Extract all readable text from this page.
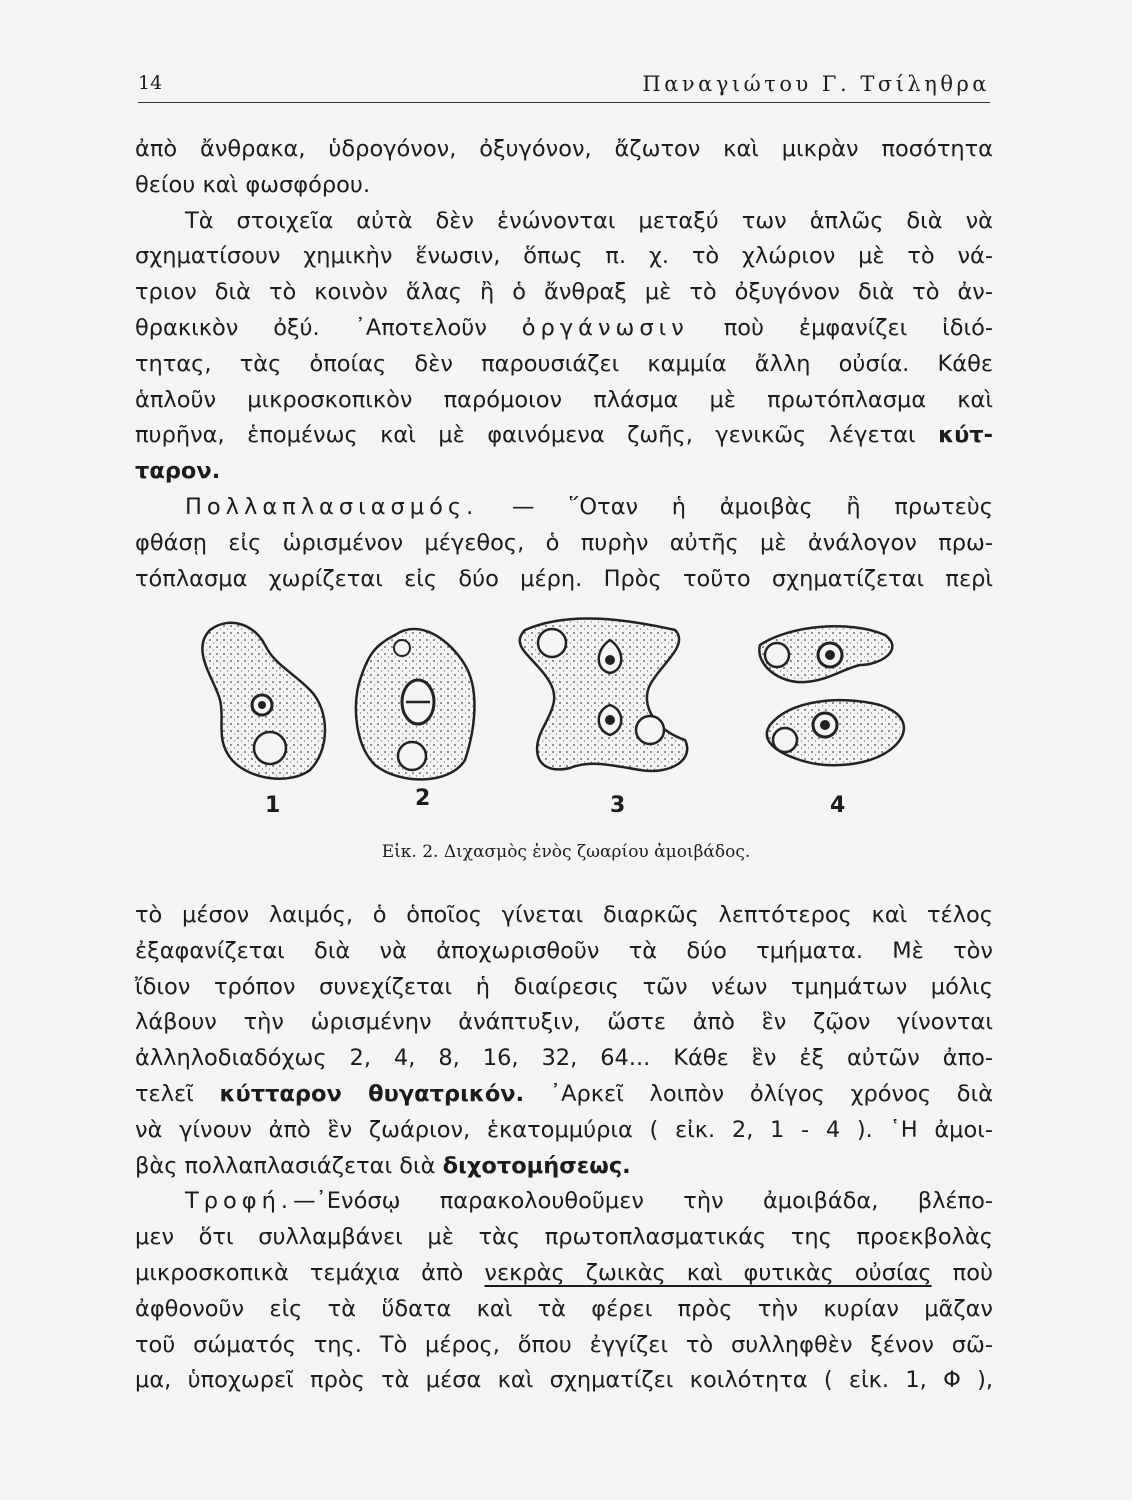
14	Παναγιώτου Γ. Τσίληθρα
ἀπὸ ἄνθρακα, ὑδρογόνον, ὀξυγόνον, ἄζωτον καὶ μικρὰν ποσότητα
θείου καὶ φωσφόρου.
Τὰ στοιχεῖα αὐτὰ δὲν ἑνώνονται μεταξύ των ἁπλῶς διὰ νὰ
σχηματίσουν χημικὴν ἕνωσιν, ὅπως π. χ. τὸ χλώριον μὲ τὸ νά-
τριον διὰ τὸ κοινὸν ἅλας ἢ ὁ ἄνθραξ μὲ τὸ ὀξυγόνον διὰ τὸ ἀν-
θρακικὸν ὀξύ. ᾽Αποτελοῦν ὀργάνωσιν ποὺ ἐμφανίζει ἰδιό-
τητας, τὰς ὁποίας δὲν παρουσιάζει καμμία ἄλλη οὐσία. Κάθε
ἁπλοῦν μικροσκοπικὸν παρόμοιον πλάσμα μὲ πρωτόπλασμα καὶ
πυρῆνα, ἑπομένως καὶ μὲ φαινόμενα ζωῆς, γενικῶς λέγεται κύτ-
ταρον.
Πολλαπλασιασμός. — ῞Οταν ἡ ἀμοιβὰς ἢ πρωτεὺς
φθάσῃ εἰς ὡρισμένον μέγεθος, ὁ πυρὴν αὐτῆς μὲ ἀνάλογον πρω-
τόπλασμα χωρίζεται εἰς δύο μέρη. Πρὸς τοῦτο σχηματίζεται περὶ
1	2	3	4
Εἰκ. 2. Διχασμὸς ἑνὸς ζωαρίου ἀμοιβάδος.
τὸ μέσον λαιμός, ὁ ὁποῖος γίνεται διαρκῶς λεπτότερος καὶ τέλος
ἐξαφανίζεται διὰ νὰ ἀποχωρισθοῦν τὰ δύο τμήματα. Μὲ τὸν
ἴδιον τρόπον συνεχίζεται ἡ διαίρεσις τῶν νέων τμημάτων μόλις
λάβουν τὴν ὡρισμένην ἀνάπτυξιν, ὥστε ἀπὸ ἓν ζῷον γίνονται
ἀλληλοδιαδόχως 2, 4, 8, 16, 32, 64... Κάθε ἓν ἐξ αὐτῶν ἀπο-
τελεῖ κύτταρον θυγατρικόν. ᾽Αρκεῖ λοιπὸν ὀλίγος χρόνος διὰ
νὰ γίνουν ἀπὸ ἓν ζωάριον, ἑκατομμύρια ( εἰκ. 2, 1 - 4 ). ῾Η ἀμοι-
βὰς πολλαπλασιάζεται διὰ διχοτομήσεως.
Τροφή.—᾽Ενόσῳ παρακολουθοῦμεν τὴν ἀμοιβάδα, βλέπο-
μεν ὅτι συλλαμβάνει μὲ τὰς πρωτοπλασματικάς της προεκβολὰς
μικροσκοπικὰ τεμάχια ἀπὸ νεκρὰς ζωικὰς καὶ φυτικὰς οὐσίας ποὺ
ἀφθονοῦν εἰς τὰ ὕδατα καὶ τὰ φέρει πρὸς τὴν κυρίαν μᾶζαν
τοῦ σώματός της. Τὸ μέρος, ὅπου ἐγγίζει τὸ συλληφθὲν ξένον σῶ-
μα, ὑποχωρεῖ πρὸς τὰ μέσα καὶ σχηματίζει κοιλότητα ( εἰκ. 1, Φ ),
